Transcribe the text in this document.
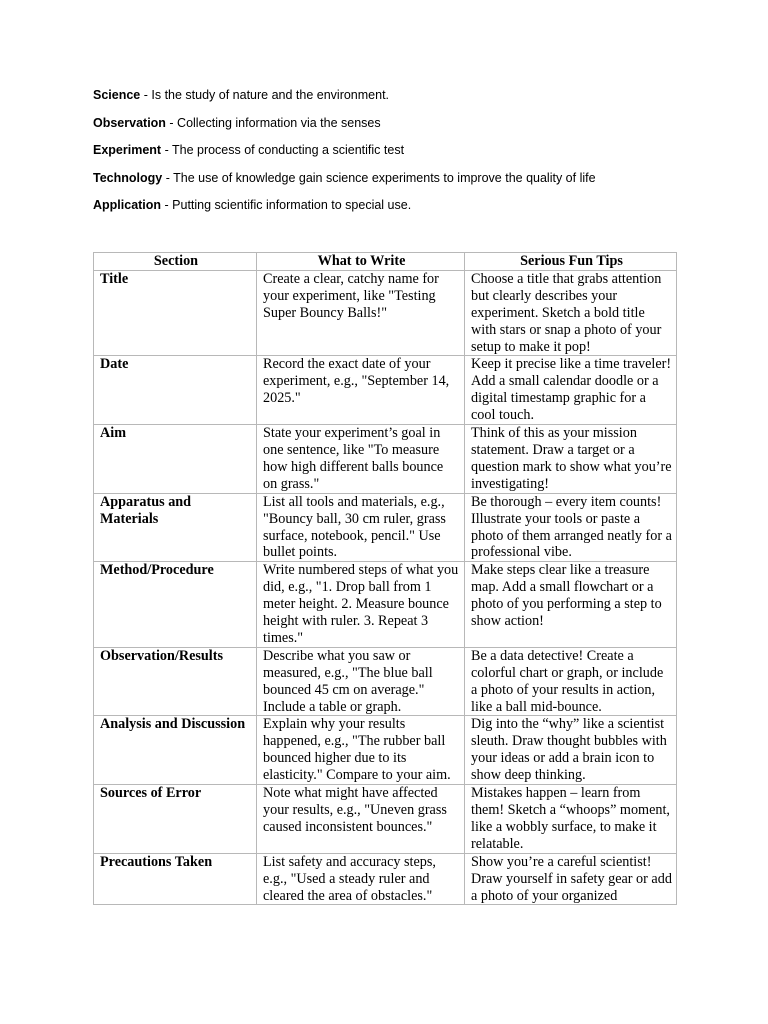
Science - Is the study of nature and the environment.
Observation - Collecting information via the senses
Experiment - The process of conducting a scientific test
Technology - The use of knowledge gain science experiments to improve the quality of life
Application - Putting scientific information to special use.
Section	What to Write	Serious Fun Tips
Title	Create a clear, catchy name for your experiment, like "Testing Super Bouncy Balls!"	Choose a title that grabs attention but clearly describes your experiment. Sketch a bold title with stars or snap a photo of your setup to make it pop!
Date	Record the exact date of your experiment, e.g., "September 14, 2025."	Keep it precise like a time traveler! Add a small calendar doodle or a digital timestamp graphic for a cool touch.
Aim	State your experiment’s goal in one sentence, like "To measure how high different balls bounce on grass."	Think of this as your mission statement. Draw a target or a question mark to show what you’re investigating!
Apparatus and Materials	List all tools and materials, e.g., "Bouncy ball, 30 cm ruler, grass surface, notebook, pencil." Use bullet points.	Be thorough – every item counts! Illustrate your tools or paste a photo of them arranged neatly for a professional vibe.
Method/Procedure	Write numbered steps of what you did, e.g., "1. Drop ball from 1 meter height. 2. Measure bounce height with ruler. 3. Repeat 3 times."	Make steps clear like a treasure map. Add a small flowchart or a photo of you performing a step to show action!
Observation/Results	Describe what you saw or measured, e.g., "The blue ball bounced 45 cm on average." Include a table or graph.	Be a data detective! Create a colorful chart or graph, or include a photo of your results in action, like a ball mid-bounce.
Analysis and Discussion	Explain why your results happened, e.g., "The rubber ball bounced higher due to its elasticity." Compare to your aim.	Dig into the “why” like a scientist sleuth. Draw thought bubbles with your ideas or add a brain icon to show deep thinking.
Sources of Error	Note what might have affected your results, e.g., "Uneven grass caused inconsistent bounces."	Mistakes happen – learn from them! Sketch a “whoops” moment, like a wobbly surface, to make it relatable.
Precautions Taken	List safety and accuracy steps, e.g., "Used a steady ruler and cleared the area of obstacles."	Show you’re a careful scientist! Draw yourself in safety gear or add a photo of your organized
